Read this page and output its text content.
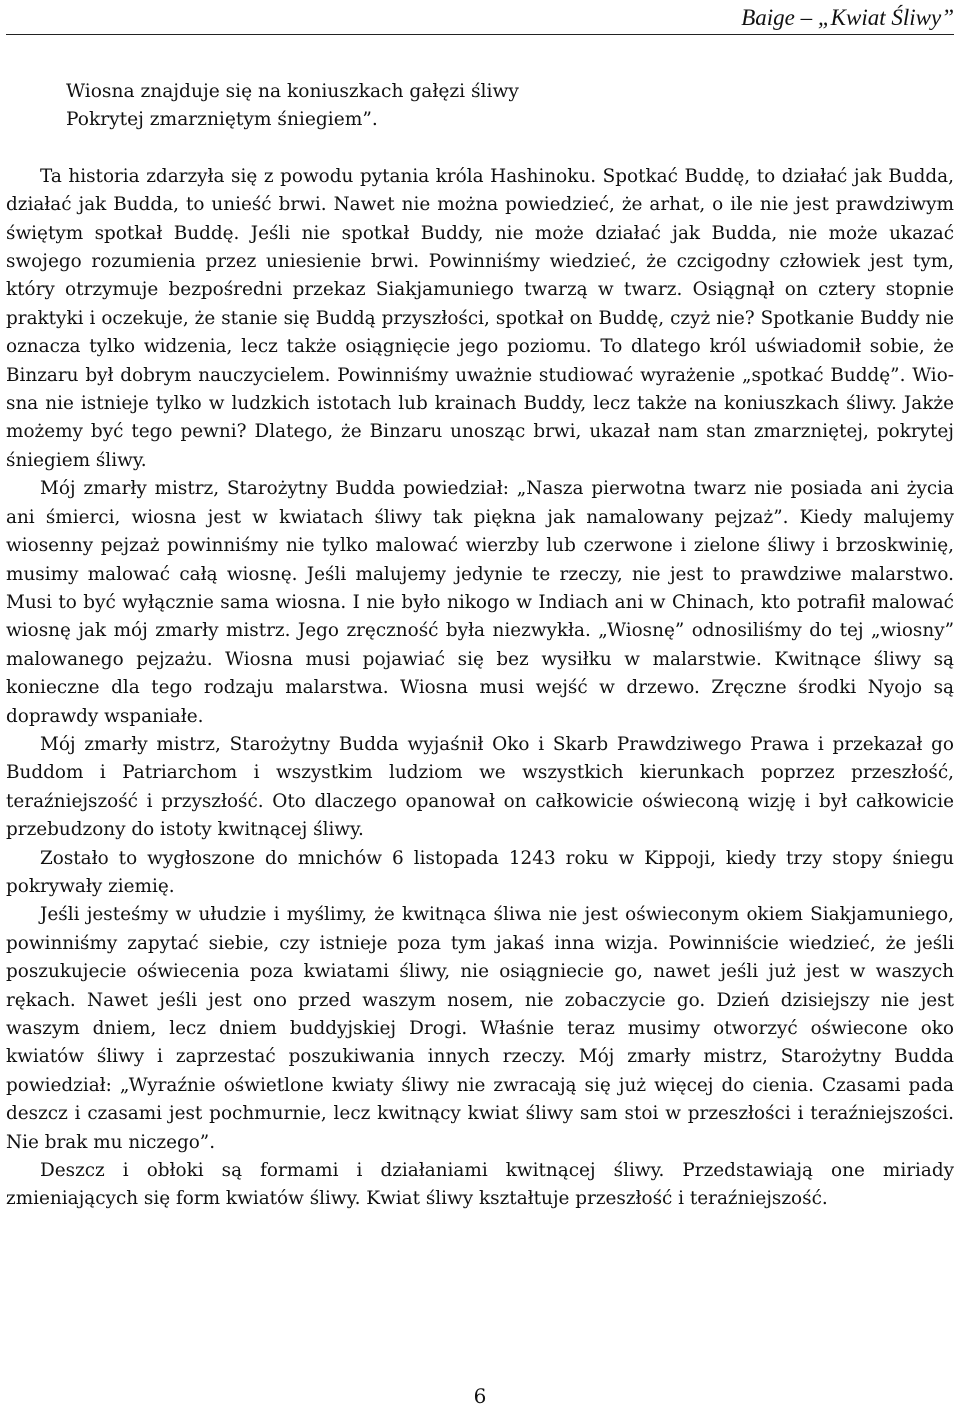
Baige – „Kwiat Śliwy”
Wiosna znajduje się na koniuszkach gałęzi śliwy
Pokrytej zmarzniętym śniegiem”.

Ta historia zdarzyła się z powodu pytania króla Hashinoku. Spotkać Buddę, to działać jak Budda, działać jak Budda, to unieść brwi. Nawet nie można powiedzieć, że arhat, o ile nie jest prawdziwym świętym spotkał Buddę. Jeśli nie spotkał Buddy, nie może działać jak Budda, nie może ukazać swojego rozumienia przez uniesienie brwi. Powinniśmy wiedzieć, że czcigodny człowiek jest tym, który otrzymuje bezpośredni przekaz Siakjamuniego twarzą w twarz. Osiągnął on cztery stopnie praktyki i oczekuje, że stanie się Buddą przyszłości, spotkał on Buddę, czyż nie? Spotkanie Buddy nie oznacza tylko widzenia, lecz także osiągnięcie jego poziomu. To dlatego król uświadomił sobie, że Binzaru był dobrym nauczycielem. Powinniśmy uważnie studiować wyrażenie „spotkać Buddę”. Wiosna nie istnieje tylko w ludzkich istotach lub krainach Buddy, lecz także na koniuszkach śliwy. Jakże możemy być tego pewni? Dlatego, że Binzaru unosząc brwi, ukazał nam stan zmarzniętej, pokrytej śniegiem śliwy.

Mój zmarły mistrz, Starożytny Budda powiedział: „Nasza pierwotna twarz nie posiada ani życia ani śmierci, wiosna jest w kwiatach śliwy tak piękna jak namalowany pejzaż”. Kiedy malujemy wiosenny pejzaż powinniśmy nie tylko malować wierzby lub czerwone i zielone śliwy i brzoskwinię, musimy malować całą wiosnę. Jeśli malujemy jedynie te rzeczy, nie jest to prawdziwe malarstwo. Musi to być wyłącznie sama wiosna. I nie było nikogo w Indiach ani w Chinach, kto potrafił malować wiosnę jak mój zmarły mistrz. Jego zręczność była niezwykła. „Wiosnę” odnosiliśmy do tej „wiosny” malowanego pejzażu. Wiosna musi pojawiać się bez wysiłku w malarstwie. Kwitnące śliwy są konieczne dla tego rodzaju malarstwa. Wiosna musi wejść w drzewo. Zręczne środki Nyojo są doprawdy wspaniałe.

Mój zmarły mistrz, Starożytny Budda wyjaśnił Oko i Skarb Prawdziwego Prawa i przekazał go Buddom i Patriarchom i wszystkim ludziom we wszystkich kierunkach poprzez przeszłość, teraźniejszość i przyszłość. Oto dlaczego opanował on całkowicie oświeconą wizję i był całkowicie przebudzony do istoty kwitnącej śliwy.

Zostało to wygłoszone do mnichów 6 listopada 1243 roku w Kippoji, kiedy trzy stopy śniegu pokrywały ziemię.

Jeśli jesteśmy w ułudzie i myślimy, że kwitnąca śliwa nie jest oświeconym okiem Siakjamuniego, powinniśmy zapytać siebie, czy istnieje poza tym jakaś inna wizja. Powinniście wiedzieć, że jeśli poszukujecie oświecenia poza kwiatami śliwy, nie osiągniecie go, nawet jeśli już jest w waszych rękach. Nawet jeśli jest ono przed waszym nosem, nie zobaczycie go. Dzień dzisiejszy nie jest waszym dniem, lecz dniem buddyjskiej Drogi. Właśnie teraz musimy otworzyć oświecone oko kwiatów śliwy i zaprzestać poszukiwania innych rzeczy. Mój zmarły mistrz, Starożytny Budda powiedział: „Wyraźnie oświetlone kwiaty śliwy nie zwracają się już więcej do cienia. Czasami pada deszcz i czasami jest pochmurnie, lecz kwitnący kwiat śliwy sam stoi w przeszłości i teraźniejszości. Nie brak mu niczego”.

Deszcz i obłoki są formami i działaniami kwitnącej śliwy. Przedstawiają one miriady zmieniających się form kwiatów śliwy. Kwiat śliwy kształtuje przeszłość i teraźniejszość.

6
